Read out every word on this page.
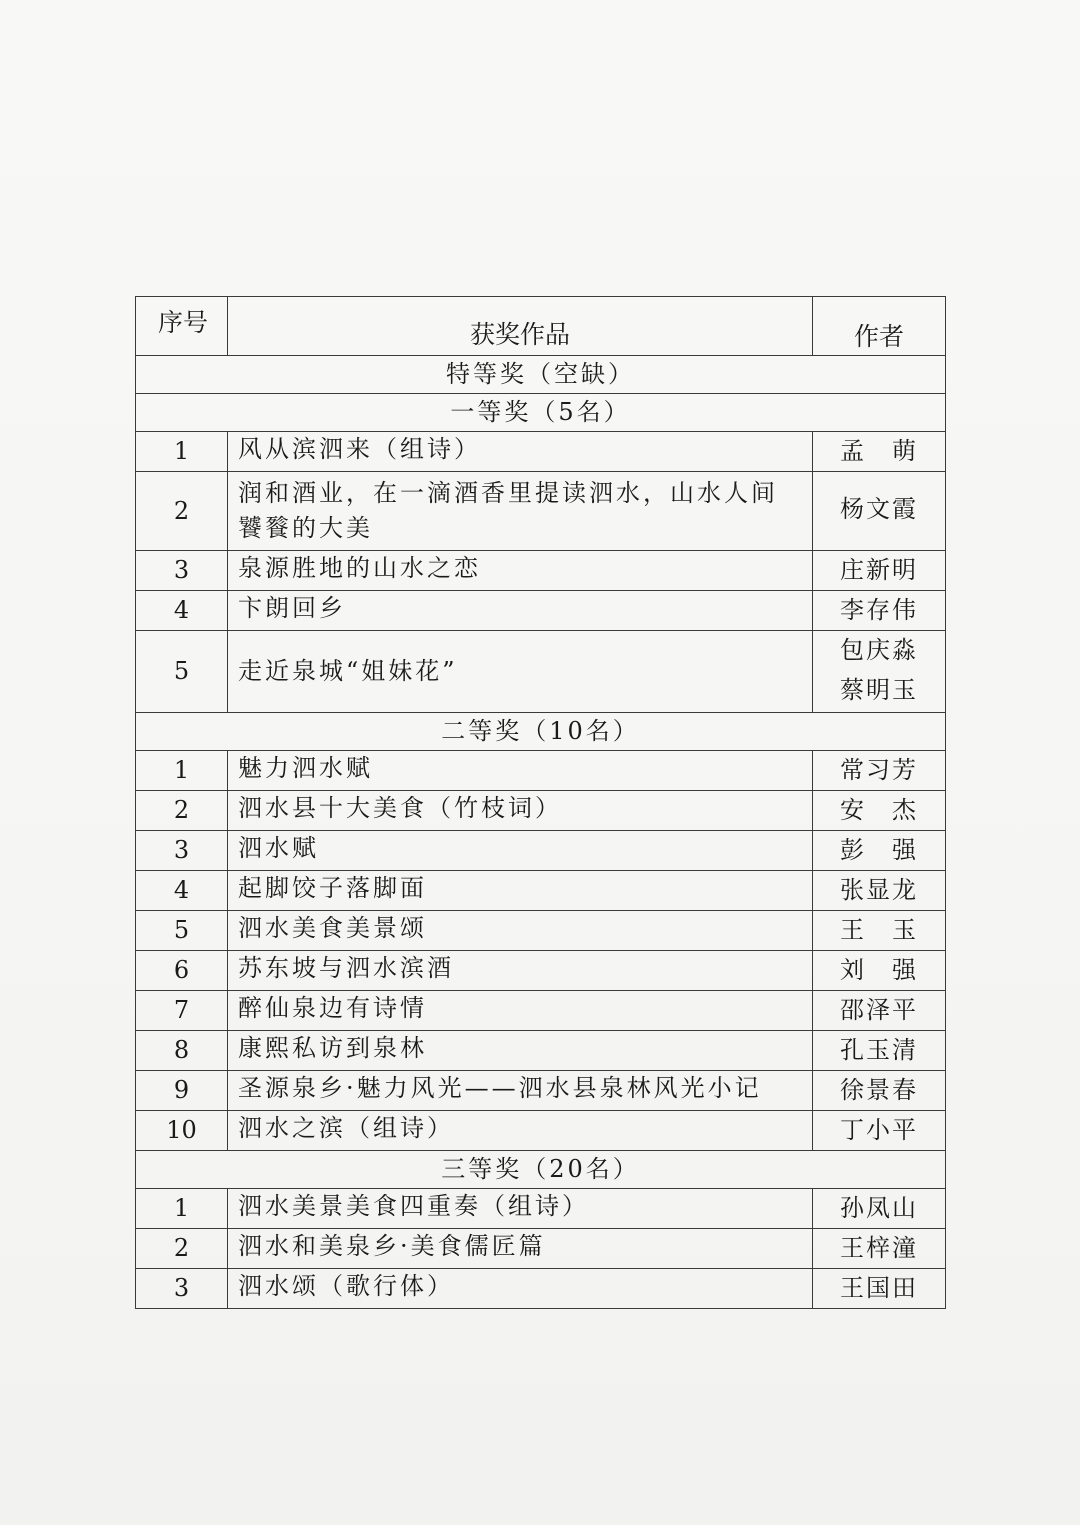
序号	获奖作品	作者
特等奖（空缺）		
一等奖（5名）		
1	风从滨泗来（组诗）	孟　萌

2	润和酒业，在一滴酒香里提读泗水，山水人间饕餮的大美	杨文霞

3	泉源胜地的山水之恋	庄新明

4	卞朗回乡	李存伟

5	走近泉城“姐妹花”	包庆淼
蔡明玉

二等奖（10名）		
1	魅力泗水赋	常习芳

2	泗水县十大美食（竹枝词）	安　杰

3	泗水赋	彭　强

4	起脚饺子落脚面	张显龙

5	泗水美食美景颂	王　玉

6	苏东坡与泗水滨酒	刘　强

7	醉仙泉边有诗情	邵泽平

8	康熙私访到泉林	孔玉清

9	圣源泉乡·魅力风光——泗水县泉林风光小记	徐景春

10	泗水之滨（组诗）	丁小平

三等奖（20名）		
1	泗水美景美食四重奏（组诗）	孙凤山

2	泗水和美泉乡·美食儒匠篇	王梓潼

3	泗水颂（歌行体）	王国田
